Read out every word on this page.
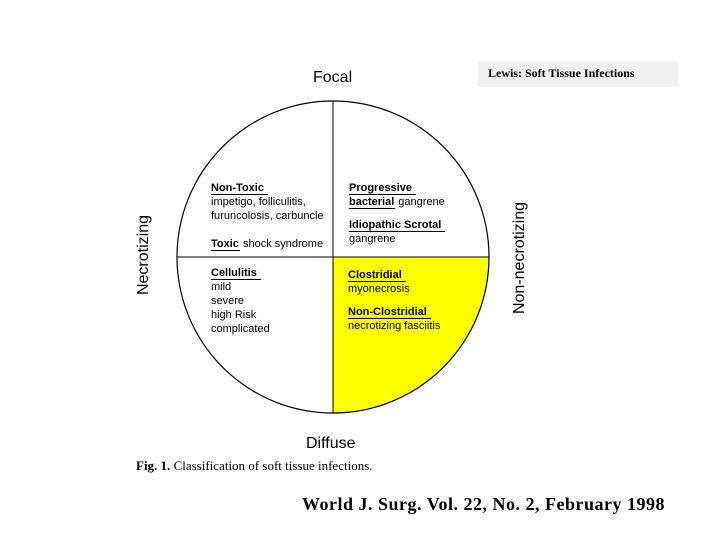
Lewis: Soft Tissue Infections
Necrotizing	Non-necrotizing
Focal
Diffuse
Non-Toxic
impetigo, folliculitis,
furuncolosis, carbuncle
Toxic shock syndrome
Progressive
bacterial gangrene
Idiopathic Scrotal
gangrene
Cellulitis
mild
severe
high Risk
complicated
Clostridial
myonecrosis
Non-Clostridial
necrotizing fasciitis
Fig. 1. Classification of soft tissue infections.
World J. Surg. Vol. 22, No. 2, February 1998
